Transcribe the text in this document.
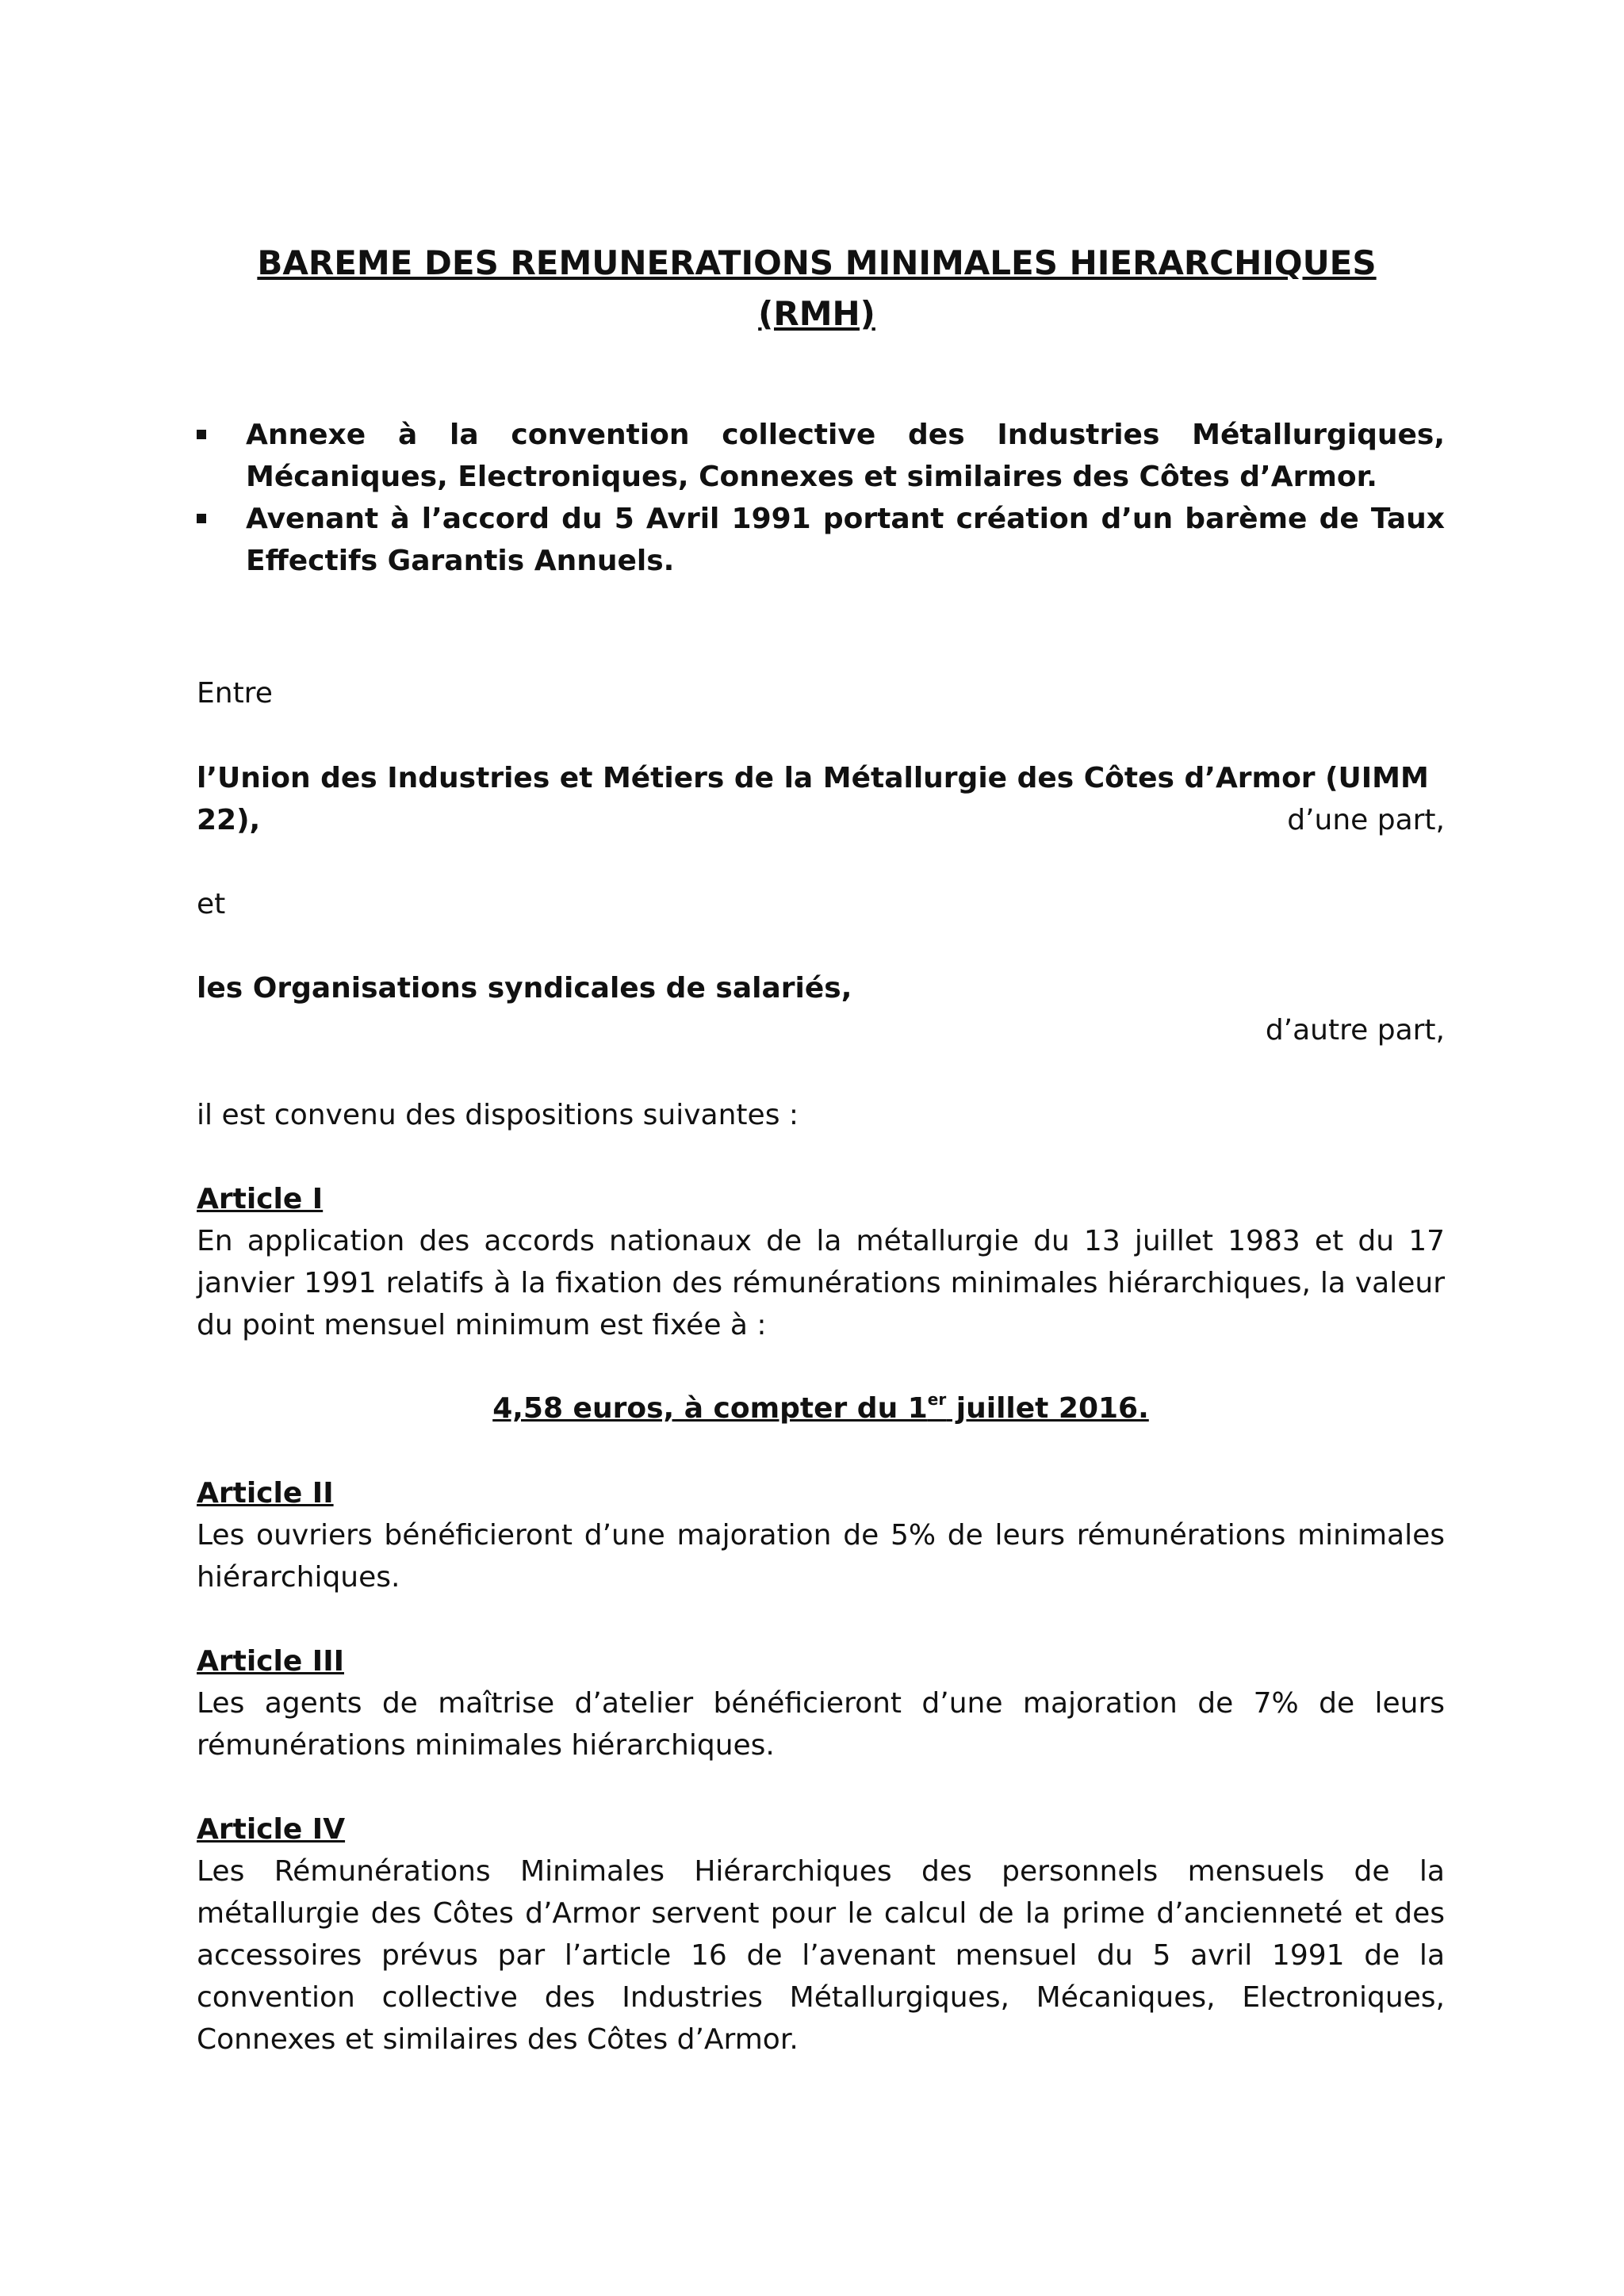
BAREME DES REMUNERATIONS MINIMALES HIERARCHIQUES
(RMH)
Annexe à la convention collective des Industries Métallurgiques, Mécaniques, Electroniques, Connexes et similaires des Côtes d’Armor.
Avenant à l’accord du 5 Avril 1991 portant création d’un barème de Taux Effectifs Garantis Annuels.
Entre
l’Union des Industries et Métiers de la Métallurgie des Côtes d’Armor (UIMM 22),	d’une part,
et
les Organisations syndicales de salariés,
d’autre part,
il est convenu des dispositions suivantes :
Article I
En application des accords nationaux de la métallurgie du 13 juillet 1983 et du 17 janvier 1991 relatifs à la fixation des rémunérations minimales hiérarchiques, la valeur du point mensuel minimum est fixée à :
4,58 euros, à compter du 1er juillet 2016.
Article II
Les ouvriers bénéficieront d’une majoration de 5% de leurs rémunérations minimales hiérarchiques.
Article III
Les agents de maîtrise d’atelier bénéficieront d’une majoration de 7% de leurs rémunérations minimales hiérarchiques.
Article IV
Les Rémunérations Minimales Hiérarchiques des personnels mensuels de la métallurgie des Côtes d’Armor servent pour le calcul de la prime d’ancienneté et des accessoires prévus par l’article 16 de l’avenant mensuel du 5 avril 1991 de la convention collective des Industries Métallurgiques, Mécaniques, Electroniques, Connexes et similaires des Côtes d’Armor.
